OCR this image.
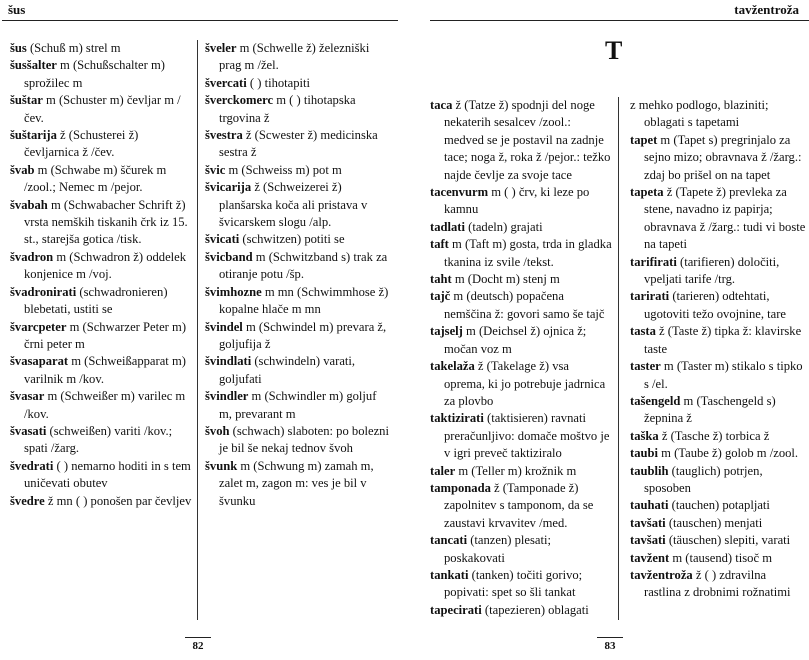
šus

šus (Schuß m) strel m

šusšalter m (Schußschalter m) sprožilec m

šuštar m (Schuster m) čevljar m /čev.

šuštarija ž (Schusterei ž) čevljarnica ž /čev.

švab m (Schwabe m) ščurek m /zool.; Nemec m /pejor.

švabah m (Schwabacher Schrift ž) vrsta nemških tiskanih črk iz 15. st., starejša gotica /tisk.

švadron m (Schwadron ž) oddelek konjenice m /voj.

švadronirati (schwadronieren) blebetati, ustiti se

švarcpeter m (Schwarzer Peter m) črni peter m

švasaparat m (Schweißapparat m) varilnik m /kov.

švasar m (Schweißer m) varilec m /kov.

švasati (schweißen) variti /kov.; spati /žarg.

švedrati ( ) nemarno hoditi in s tem uničevati obutev

švedre ž mn ( ) ponošen par čevljev

šveler m (Schwelle ž) železniški prag m /žel.

švercati ( ) tihotapiti

šverckomerc m ( ) tihotapska trgovina ž

švestra ž (Scwester ž) medicinska sestra ž

švic m (Schweiss m) pot m

švicarija ž (Schweizerei ž) planšarska koča ali pristava v švicarskem slogu /alp.

švicati (schwitzen) potiti se

švicband m (Schwitzband s) trak za otiranje potu /šp.

švimhozne m mn (Schwimmhose ž) kopalne hlače m mn

švindel m (Schwindel m) prevara ž, goljufija ž

švindlati (schwindeln) varati, goljufati

švindler m (Schwindler m) goljuf m, prevarant m

švoh (schwach) slaboten: po bolezni je bil še nekaj tednov švoh

švunk m (Schwung m) zamah m, zalet m, zagon m: ves je bil v švunku

82
tavžentroža
T

taca ž (Tatze ž) spodnji del noge nekaterih sesalcev /zool.: medved se je postavil na zadnje tace; noga ž, roka ž /pejor.: težko najde čevlje za svoje tace

tacenvurm m ( ) črv, ki leze po kamnu

tadlati (tadeln) grajati

taft m (Taft m) gosta, trda in gladka tkanina iz svile /tekst.

taht m (Docht m) stenj m

tajč m (deutsch) popačena nemščina ž: govori samo še tajč

tajselj m (Deichsel ž) ojnica ž; močan voz m

takelaža ž (Takelage ž) vsa oprema, ki jo potrebuje jadrnica za plovbo

taktizirati (taktisieren) ravnati preračunljivo: domače moštvo je v igri preveč taktiziralo

taler m (Teller m) krožnik m

tamponada ž (Tamponade ž) zapolnitev s tamponom, da se zaustavi krvavitev /med.

tancati (tanzen) plesati; poskakovati

tankati (tanken) točiti gorivo; popivati: spet so šli tankat

tapecirati (tapezieren) oblagati

z mehko podlogo, blaziniti; oblagati s tapetami

tapet m (Tapet s) pregrinjalo za sejno mizo; obravnava ž /žarg.: zdaj bo prišel on na tapet

tapeta ž (Tapete ž) prevleka za stene, navadno iz papirja; obravnava ž /žarg.: tudi vi boste na tapeti

tarifirati (tarifieren) določiti, vpeljati tarife /trg.

tarirati (tarieren) odtehtati, ugotoviti težo ovojnine, tare

tasta ž (Taste ž) tipka ž: klavirske taste

taster m (Taster m) stikalo s tipko s /el.

tašengeld m (Taschengeld s) žepnina ž

taška ž (Tasche ž) torbica ž

taubi m (Taube ž) golob m /zool.

taublih (tauglich) potrjen, sposoben

tauhati (tauchen) potapljati

tavšati (tauschen) menjati

tavšati (täuschen) slepiti, varati

tavžent m (tausend) tisoč m

tavžentroža ž ( ) zdravilna rastlina z drobnimi rožnatimi

83
